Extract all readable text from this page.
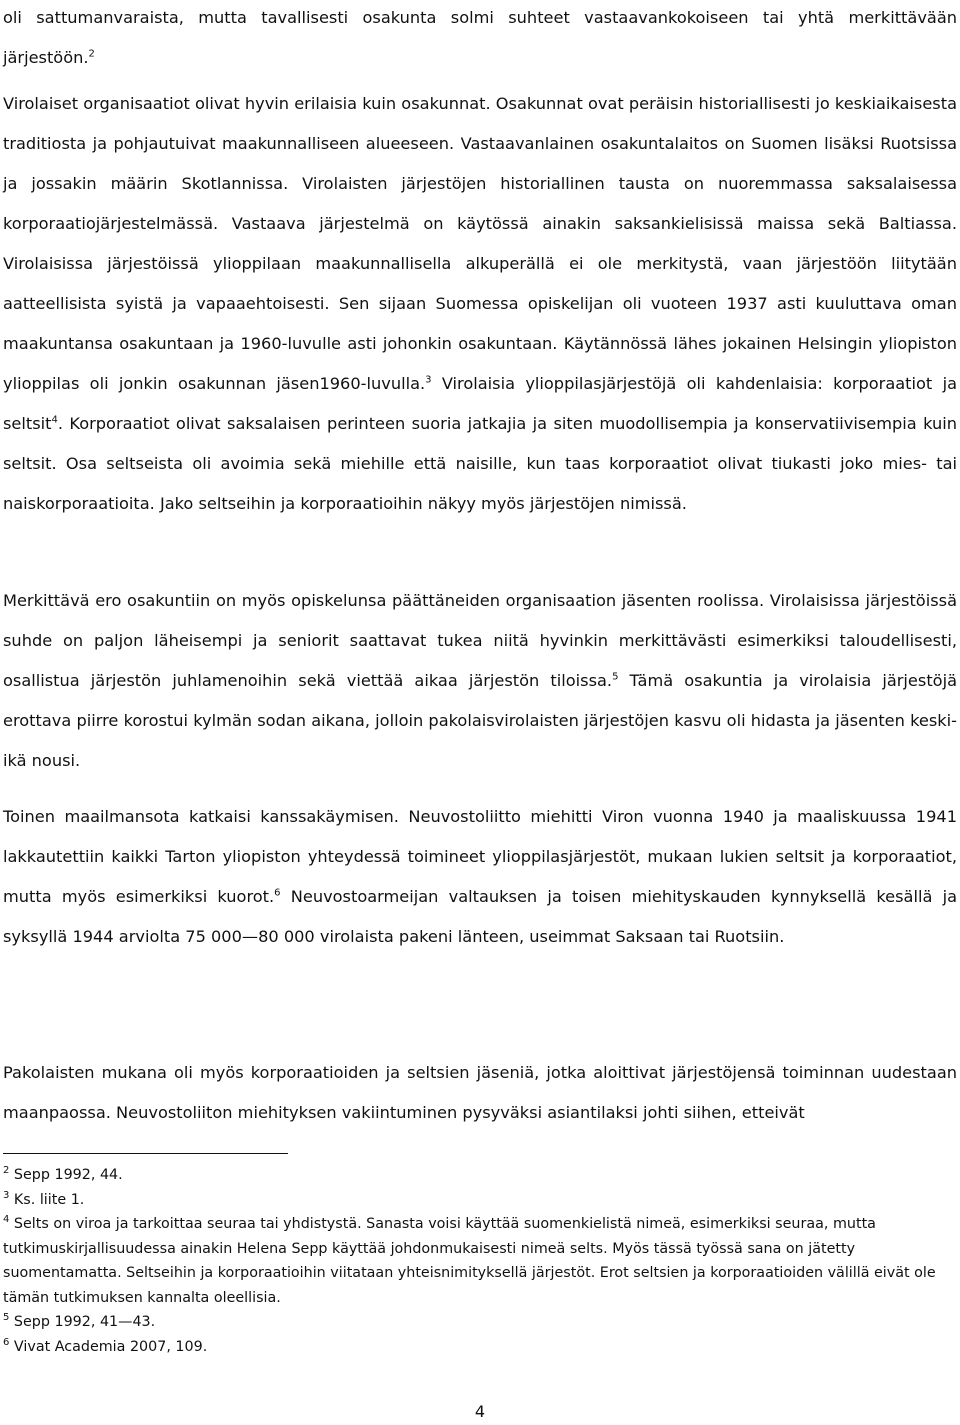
oli sattumanvaraista, mutta tavallisesti osakunta solmi suhteet vastaavankokoiseen tai yhtä merkittävään järjestöön.$^2$

Virolaiset organisaatiot olivat hyvin erilaisia kuin osakunnat. Osakunnat ovat peräisin historiallisesti jo keskiaikaisesta traditiosta ja pohjautuivat maakunnalliseen alueeseen. Vastaavanlainen osakuntalaitos on Suomen lisäksi Ruotsissa ja jossakin määrin Skotlannissa. Virolaisten järjestöjen historiallinen tausta on nuoremmassa saksalaisessa korporaatiojärjestelmässä. Vastaava järjestelmä on käytössä ainakin saksankielisissä maissa sekä Baltiassa. Virolaisissa järjestöissä ylioppilaan maakunnallisella alkuperällä ei ole merkitystä, vaan järjestöön liitytään aatteellisista syistä ja vapaaehtoisesti. Sen sijaan Suomessa opiskelijan oli vuoteen 1937 asti kuuluttava oman maakuntansa osakuntaan ja 1960-luvulle asti johonkin osakuntaan. Käytännössä lähes jokainen Helsingin yliopiston ylioppilas oli jonkin osakunnan jäsen1960-luvulla.$^3$ Virolaisia ylioppilasjärjestöjä oli kahdenlaisia: korporaatiot ja seltsit$^4$. Korporaatiot olivat saksalaisen perinteen suoria jatkajia ja siten muodollisempia ja konservatiivisempia kuin seltsit. Osa seltseista oli avoimia sekä miehille että naisille, kun taas korporaatiot olivat tiukasti joko mies- tai naiskorporaatioita. Jako seltseihin ja korporaatioihin näkyy myös järjestöjen nimissä.

Merkittävä ero osakuntiin on myös opiskelunsa päättäneiden organisaation jäsenten roolissa. Virolaisissa järjestöissä suhde on paljon läheisempi ja seniorit saattavat tukea niitä hyvinkin merkittävästi esimerkiksi taloudellisesti, osallistua järjestön juhlamenoihin sekä viettää aikaa järjestön tiloissa.$^5$ Tämä osakuntia ja virolaisia järjestöjä erottava piirre korostui kylmän sodan aikana, jolloin pakolaisvirolaisten järjestöjen kasvu oli hidasta ja jäsenten keski-ikä nousi.

Toinen maailmansota katkaisi kanssakäymisen. Neuvostoliitto miehitti Viron vuonna 1940 ja maaliskuussa 1941 lakkautettiin kaikki Tarton yliopiston yhteydessä toimineet ylioppilasjärjestöt, mukaan lukien seltsit ja korporaatiot, mutta myös esimerkiksi kuorot.$^6$ Neuvostoarmeijan valtauksen ja toisen miehityskauden kynnyksellä kesällä ja syksyllä 1944 arviolta 75 000—80 000 virolaista pakeni länteen, useimmat Saksaan tai Ruotsiin.

Pakolaisten mukana oli myös korporaatioiden ja seltsien jäseniä, jotka aloittivat järjestöjensä toiminnan uudestaan maanpaossa. Neuvostoliiton miehityksen vakiintuminen pysyväksi asiantilaksi johti siihen, etteivät

$^2$ Sepp 1992, 44.

$^3$ Ks. liite 1.

$^4$ Selts on viroa ja tarkoittaa seuraa tai yhdistystä. Sanasta voisi käyttää suomenkielistä nimeä, esimerkiksi seuraa, mutta tutkimuskirjallisuudessa ainakin Helena Sepp käyttää johdonmukaisesti nimeä selts. Myös tässä työssä sana on jätetty suomentamatta. Seltseihin ja korporaatioihin viitataan yhteisnimityksellä järjestöt. Erot seltsien ja korporaatioiden välillä eivät ole tämän tutkimuksen kannalta oleellisia.

$^5$ Sepp 1992, 41—43.

$^6$ Vivat Academia 2007, 109.

4
